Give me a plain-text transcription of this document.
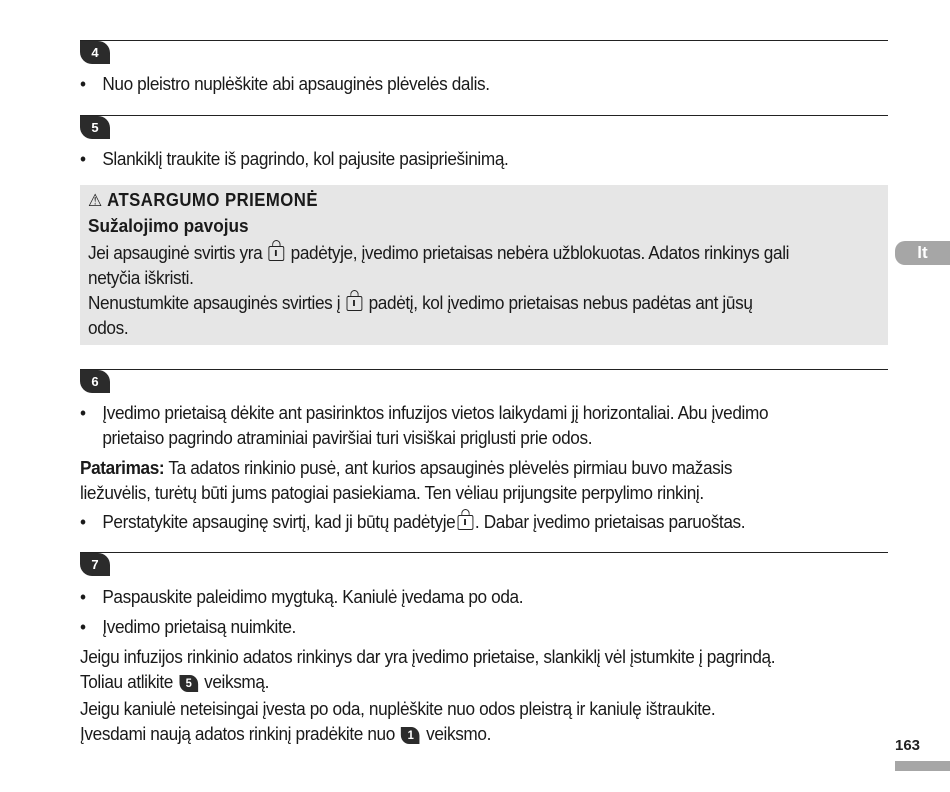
4
• Nuo pleistro nuplėškite abi apsauginės plėvelės dalis.
5
• Slankiklį traukite iš pagrindo, kol pajusite pasipriešinimą.
⚠ ATSARGUMO PRIEMONĖ
Sužalojimo pavojus
Jei apsauginė svirtis yra padėtyje, įvedimo prietaisas nebėra užblokuotas. Adatos rinkinys gali
netyčia iškristi.
Nenustumkite apsauginės svirties į padėtį, kol įvedimo prietaisas nebus padėtas ant jūsų
odos.
6
• Įvedimo prietaisą dėkite ant pasirinktos infuzijos vietos laikydami jį horizontaliai. Abu įvedimo
prietaiso pagrindo atraminiai paviršiai turi visiškai priglusti prie odos.
Patarimas: Ta adatos rinkinio pusė, ant kurios apsauginės plėvelės pirmiau buvo mažasis
liežuvėlis, turėtų būti jums patogiai pasiekiama. Ten vėliau prijungsite perpylimo rinkinį.
• Perstatykite apsauginę svirtį, kad ji būtų padėtyje . Dabar įvedimo prietaisas paruoštas.
7
• Paspauskite paleidimo mygtuką. Kaniulė įvedama po oda.
• Įvedimo prietaisą nuimkite.
Jeigu infuzijos rinkinio adatos rinkinys dar yra įvedimo prietaise, slankiklį vėl įstumkite į pagrindą.
Toliau atlikite 5 veiksmą.
Jeigu kaniulė neteisingai įvesta po oda, nuplėškite nuo odos pleistrą ir kaniulę ištraukite.
Įvesdami naują adatos rinkinį pradėkite nuo 1 veiksmo.
lt
163
